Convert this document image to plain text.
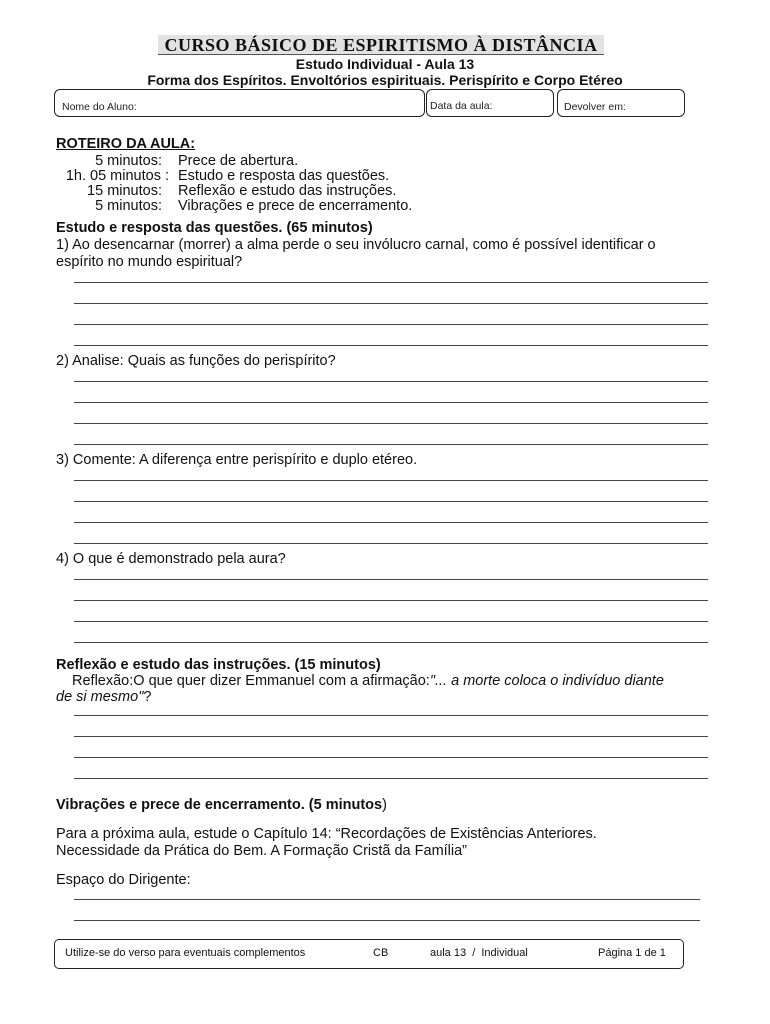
CURSO BÁSICO DE ESPIRITISMO À DISTÂNCIA
Estudo Individual - Aula 13
Forma dos Espíritos. Envoltórios espirituais. Perispírito e Corpo Etéreo
Nome do Aluno:	Data da aula:	Devolver em:
ROTEIRO DA AULA:
5 minutos: Prece de abertura.
1h. 05 minutos : Estudo e resposta das questões.
15 minutos: Reflexão e estudo das instruções.
5 minutos: Vibrações e prece de encerramento.
Estudo e resposta das questões. (65 minutos)
1) Ao desencarnar (morrer) a alma perde o seu invólucro carnal, como é possível identificar o
espírito no mundo espiritual?
2) Analise: Quais as funções do perispírito?
3) Comente: A diferença entre perispírito e duplo etéreo.
4) O que é demonstrado pela aura?
Reflexão e estudo das instruções. (15 minutos)
Reflexão:O que quer dizer Emmanuel com a afirmação:"... a morte coloca o indivíduo diante
de si mesmo"?
Vibrações e prece de encerramento. (5 minutos)
Para a próxima aula, estude o Capítulo 14: “Recordações de Existências Anteriores.
Necessidade da Prática do Bem. A Formação Cristã da Família”
Espaço do Dirigente:
Utilize-se do verso para eventuais complementos	CB	aula 13  /  Individual	Página 1 de 1
